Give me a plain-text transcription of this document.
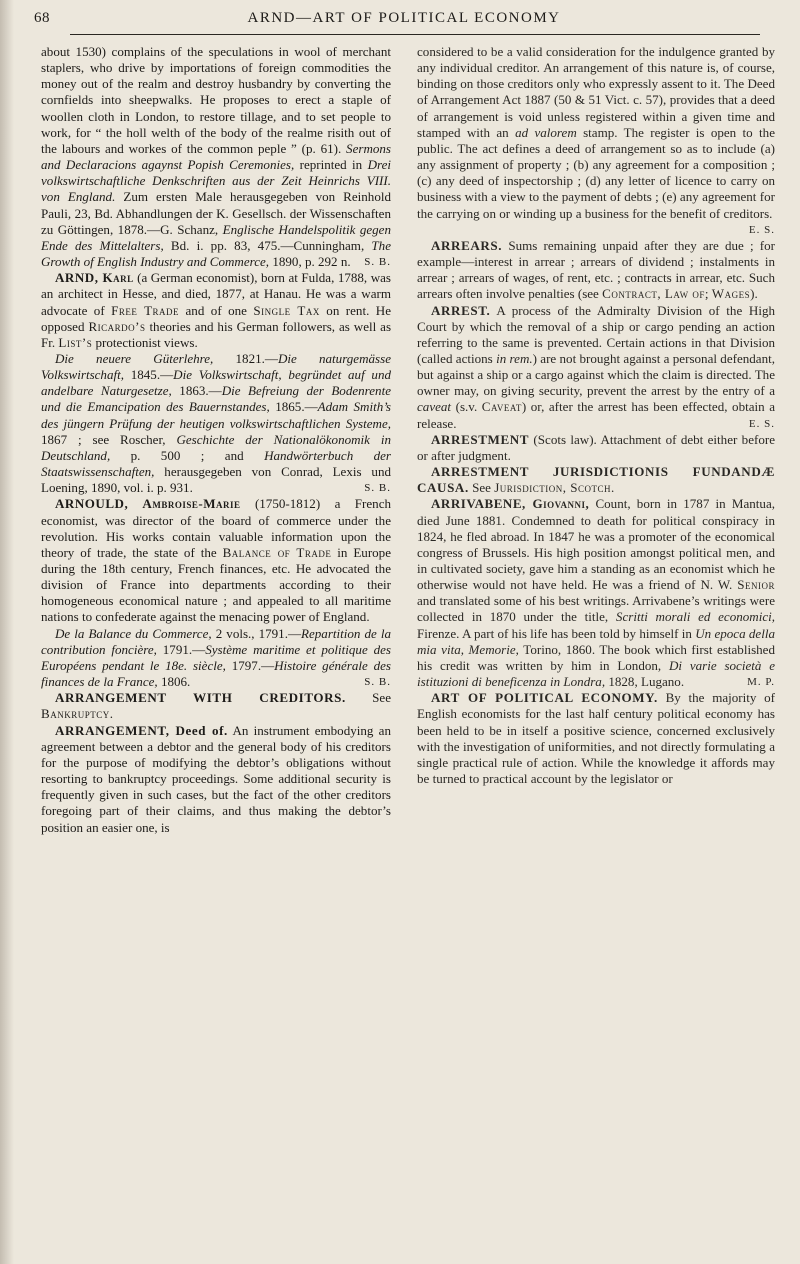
68	ARND—ART OF POLITICAL ECONOMY

about 1530) complains of the speculations in wool of merchant staplers, who drive by importations of foreign commodities the money out of the realm and destroy husbandry by converting the cornfields into sheepwalks. He proposes to erect a staple of woollen cloth in London, to restore tillage, and to set people to work, for “ the holl welth of the body of the realme risith out of the labours and workes of the common peple ” (p. 61). Sermons and Declaracions agaynst Popish Ceremonies, reprinted in Drei volkswirtschaftliche Denkschriften aus der Zeit Heinrichs VIII. von England. Zum ersten Male herausgegeben von Reinhold Pauli, 23, Bd. Abhandlungen der K. Gesellsch. der Wissenschaften zu Göttingen, 1878.—G. Schanz, Englische Handelspolitik gegen Ende des Mittelalters, Bd. i. pp. 83, 475.—Cunningham, The Growth of English Industry and Commerce, 1890, p. 292 n. S. B.

ARND, Karl (a German economist), born at Fulda, 1788, was an architect in Hesse, and died, 1877, at Hanau. He was a warm advocate of Free Trade and of one Single Tax on rent. He opposed Ricardo’s theories and his German followers, as well as Fr. List’s protectionist views.

Die neuere Güterlehre, 1821.—Die naturgemässe Volkswirtschaft, 1845.—Die Volkswirtschaft, begründet auf und andelbare Naturgesetze, 1863.—Die Befreiung der Bodenrente und die Emancipation des Bauernstandes, 1865.—Adam Smith’s des jüngern Prüfung der heutigen volkswirtschaftlichen Systeme, 1867 ; see Roscher, Geschichte der Nationalökonomik in Deutschland, p. 500 ; and Handwörterbuch der Staatswissenschaften, herausgegeben von Conrad, Lexis und Loening, 1890, vol. i. p. 931.	S. B.

ARNOULD, Ambroise-Marie (1750-1812) a French economist, was director of the board of commerce under the revolution. His works contain valuable information upon the theory of trade, the state of the Balance of Trade in Europe during the 18th century, French finances, etc. He advocated the division of France into departments according to their homogeneous economical nature ; and appealed to all maritime nations to confederate against the menacing power of England.

De la Balance du Commerce, 2 vols., 1791.—Repartition de la contribution foncière, 1791.—Système maritime et politique des Européens pendant le 18e. siècle, 1797.—Histoire générale des finances de la France, 1806.	S. B.

ARRANGEMENT WITH CREDITORS. See Bankruptcy.

ARRANGEMENT, Deed of. An instrument embodying an agreement between a debtor and the general body of his creditors for the purpose of modifying the debtor’s obligations without resorting to bankruptcy proceedings. Some additional security is frequently given in such cases, but the fact of the other creditors foregoing part of their claims, and thus making the debtor’s position an easier one, is

considered to be a valid consideration for the indulgence granted by any individual creditor. An arrangement of this nature is, of course, binding on those creditors only who expressly assent to it. The Deed of Arrangement Act 1887 (50 & 51 Vict. c. 57), provides that a deed of arrangement is void unless registered within a given time and stamped with an ad valorem stamp. The register is open to the public. The act defines a deed of arrangement so as to include (a) any assignment of property ; (b) any agreement for a composition ; (c) any deed of inspectorship ; (d) any letter of licence to carry on business with a view to the payment of debts ; (e) any agreement for the carrying on or winding up a business for the benefit of creditors.
E. S.

ARREARS. Sums remaining unpaid after they are due ; for example—interest in arrear ; arrears of dividend ; instalments in arrear ; arrears of wages, of rent, etc. ; contracts in arrear, etc. Such arrears often involve penalties (see Contract, Law of; Wages).

ARREST. A process of the Admiralty Division of the High Court by which the removal of a ship or cargo pending an action referring to the same is prevented. Certain actions in that Division (called actions in rem.) are not brought against a personal defendant, but against a ship or a cargo against which the claim is directed. The owner may, on giving security, prevent the arrest by the entry of a caveat (s.v. Caveat) or, after the arrest has been effected, obtain a release.	E. S.

ARRESTMENT (Scots law). Attachment of debt either before or after judgment.

ARRESTMENT JURISDICTIONIS FUNDANDÆ CAUSA. See Jurisdiction, Scotch.

ARRIVABENE, Giovanni, Count, born in 1787 in Mantua, died June 1881. Condemned to death for political conspiracy in 1824, he fled abroad. In 1847 he was a promoter of the economical congress of Brussels. His high position amongst political men, and in cultivated society, gave him a standing as an economist which he otherwise would not have held. He was a friend of N. W. Senior and translated some of his best writings. Arrivabene’s writings were collected in 1870 under the title, Scritti morali ed economici, Firenze. A part of his life has been told by himself in Un epoca della mia vita, Memorie, Torino, 1860. The book which first established his credit was written by him in London, Di varie società e istituzioni di beneficenza in Londra, 1828, Lugano.	M. P.

ART OF POLITICAL ECONOMY. By the majority of English economists for the last half century political economy has been held to be in itself a positive science, concerned exclusively with the investigation of uniformities, and not directly formulating a single practical rule of action. While the knowledge it affords may be turned to practical account by the legislator or
